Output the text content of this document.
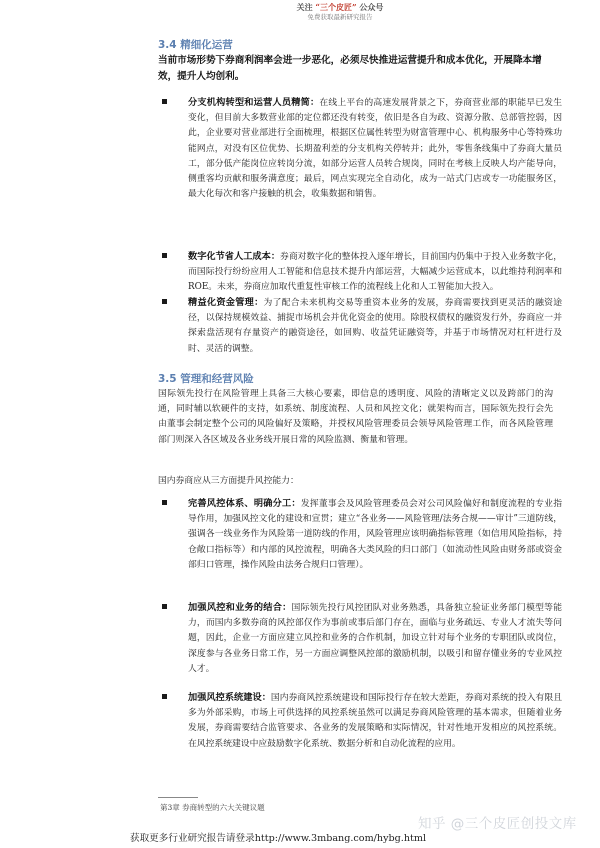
关注 “三个皮匠” 公众号
免费获取最新研究报告
3.4 精细化运营
当前市场形势下券商利润率会进一步恶化，必须尽快推进运营提升和成本优化，开展降本增效，提升人均创利。
分支机构转型和运营人员精简：在线上平台的高速发展背景之下，券商营业部的职能早已发生变化，但目前大多数营业部的定位都还没有转变，依旧是各自为政、资源分散、总部管控弱，因此，企业要对营业部进行全面梳理，根据区位属性转型为财富管理中心、机构服务中心等特殊功能网点，对没有区位优势、长期盈利差的分支机构关停转并；此外，零售条线集中了券商大量员工，部分低产能岗位应转岗分流，如部分运营人员转合规岗，同时在考核上反映人均产能导向，侧重客均贡献和服务满意度；最后，网点实现完全自动化，成为一站式门店或专一功能服务区，最大化每次和客户接触的机会，收集数据和销售。
数字化节省人工成本：券商对数字化的整体投入逐年增长，目前国内仍集中于投入业务数字化，而国际投行纷纷应用人工智能和信息技术提升内部运营，大幅减少运营成本，以此维持利润率和ROE。未来，券商应加取代重复性审核工作的流程线上化和人工智能加大投入。
精益化资金管理：为了配合未来机构交易等重资本业务的发展，券商需要找到更灵活的融资途径，以保持规模效益、捕捉市场机会并优化资金的使用。除股权债权的融资发行外，券商应一并探索盘活现有存量资产的融资途径，如回购、收益凭证融资等，并基于市场情况对杠杆进行及时、灵活的调整。
3.5 管理和经营风险
国际领先投行在风险管理上具备三大核心要素，即信息的透明度、风险的清晰定义以及跨部门的沟通，同时辅以软硬件的支持，如系统、制度流程、人员和风控文化；就架构而言，国际领先投行会先由董事会制定整个公司的风险偏好及策略，并授权风险管理委员会领导风险管理工作，而各风险管理部门则深入各区域及各业务线开展日常的风险监测、衡量和管理。
国内券商应从三方面提升风控能力：
完善风控体系、明确分工：发挥董事会及风险管理委员会对公司风险偏好和制度流程的专业指导作用，加强风控文化的建设和宣贯；建立“各业务——风险管理/法务合规——审计”三道防线，强调各一线业务作为风险第一道防线的作用，风险管理应该明确指标管理（如信用风险指标，持仓敞口指标等）和内部的风控流程，明确各大类风险的归口部门（如流动性风险由财务部或资金部归口管理，操作风险由法务合规归口管理）。
加强风控和业务的结合：国际领先投行风控团队对业务熟悉，具备独立验证业务部门模型等能力，而国内多数券商的风控部仅作为事前或事后部门存在，面临与业务疏远、专业人才流失等问题，因此，企业一方面应建立风控和业务的合作机制，加设立针对每个业务的专职团队或岗位，深度参与各业务日常工作，另一方面应调整风控部的激励机制，以吸引和留存懂业务的专业风控人才。
加强风控系统建设：国内券商风控系统建设和国际投行存在较大差距，券商对系统的投入有限且多为外部采购，市场上可供选择的风控系统虽然可以满足券商风险管理的基本需求，但随着业务发展，券商需要结合监管要求、各业务的发展策略和实际情况，针对性地开发相应的风控系统。在风控系统建设中应鼓励数字化系统、数据分析和自动化流程的应用。
第3章 券商转型的六大关键议题
知乎 @三个皮匠创投文库
获取更多行业研究报告请登录http://www.3mbang.com/hybg.html
